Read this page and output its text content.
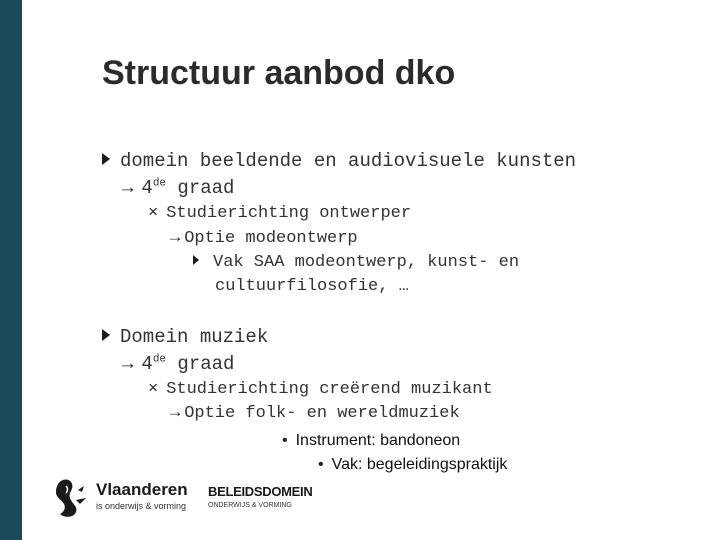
Structuur aanbod dko
domein beeldende en audiovisuele kunsten
→ 4de graad
× Studierichting ontwerper
→ Optie modeontwerp
Vak SAA modeontwerp, kunst- en
cultuurfilosofie, …
Domein muziek
→ 4de graad
× Studierichting creërend muzikant
→ Optie folk- en wereldmuziek
• Instrument: bandoneon
• Vak: begeleidingspraktijk
Vlaanderen
is onderwijs & vorming
BELEIDSDOMEIN
ONDERWIJS & VORMING
